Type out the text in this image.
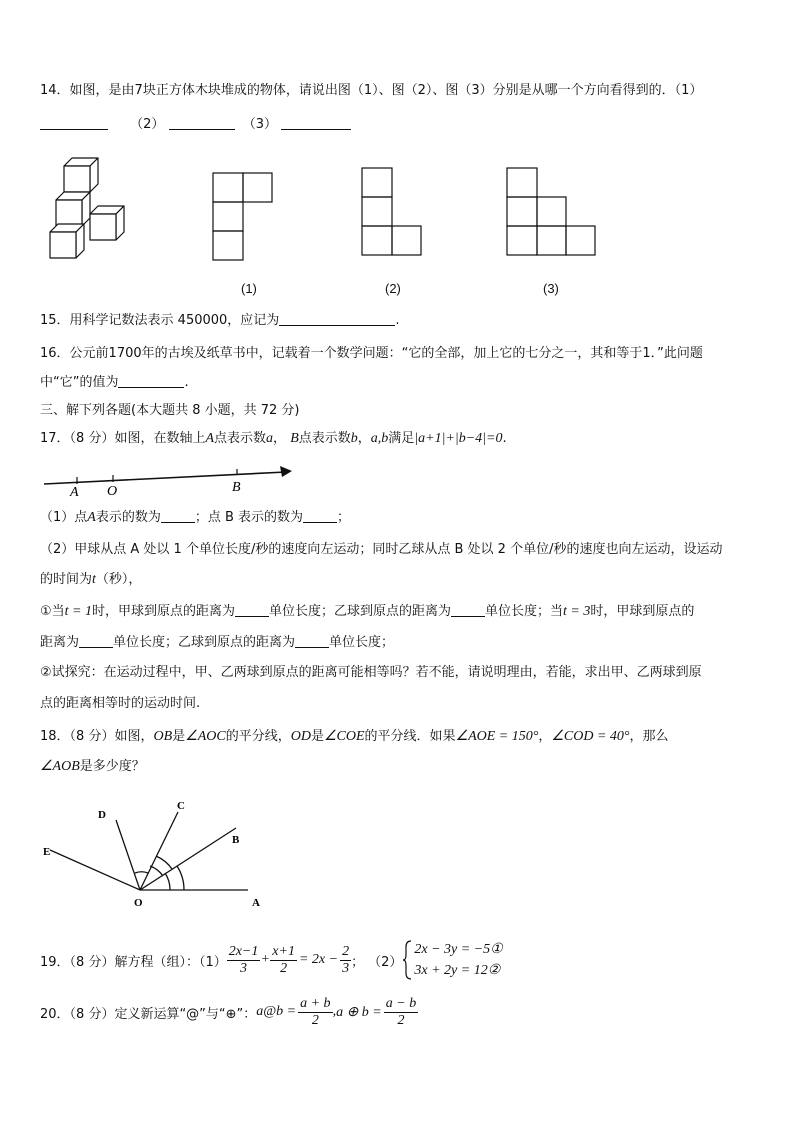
14．如图，是由7块正方体木块堆成的物体，请说出图（1）、图（2）、图（3）分别是从哪一个方向看得到的．（1）
（2）	（3）
(1)	(2)	(3)
15．用科学记数法表示 450000，应记为	.
16．公元前1700年的古埃及纸草书中，记载着一个数学问题：“它的全部，加上它的七分之一，其和等于1．”此问题
中“它”的值为	.
三、解下列各题(本大题共 8 小题，共 72 分)
17．（8 分）如图，在数轴上A点表示数a， B点表示数b，a,b满足|a+1|+|b−4|=0.
A O	B
（1）点A表示的数为	；点 B 表示的数为	；
（2）甲球从点 A 处以 1 个单位长度/秒的速度向左运动；同时乙球从点 B 处以 2 个单位/秒的速度也向左运动，设运动
的时间为t（秒），
①当t = 1时，甲球到原点的距离为	单位长度；乙球到原点的距离为	单位长度；当t = 3时，甲球到原点的
距离为	单位长度；乙球到原点的距离为	单位长度；
②试探究：在运动过程中，甲、乙两球到原点的距离可能相等吗？若不能，请说明理由，若能，求出甲、乙两球到原
点的距离相等时的运动时间.
18．（8 分）如图，OB是∠AOC的平分线，OD是∠COE的平分线．如果∠AOE = 150°，∠COD = 40°，那么
∠AOB是多少度？
D
C
B
E
O	A
19．（8 分）解方程（组）：$(1) \frac{2x-1}{3} + \frac{x+1}{2} = 2x - \frac{2}{3}$ ； （2）
2x − 3y = −5①
3x + 2y = 12②
20．（8 分）定义新运算“@”与“⊕”： a@b = $\frac{a + b}{2}$ , a ⊕ $b = \frac{a - b}{2}$
